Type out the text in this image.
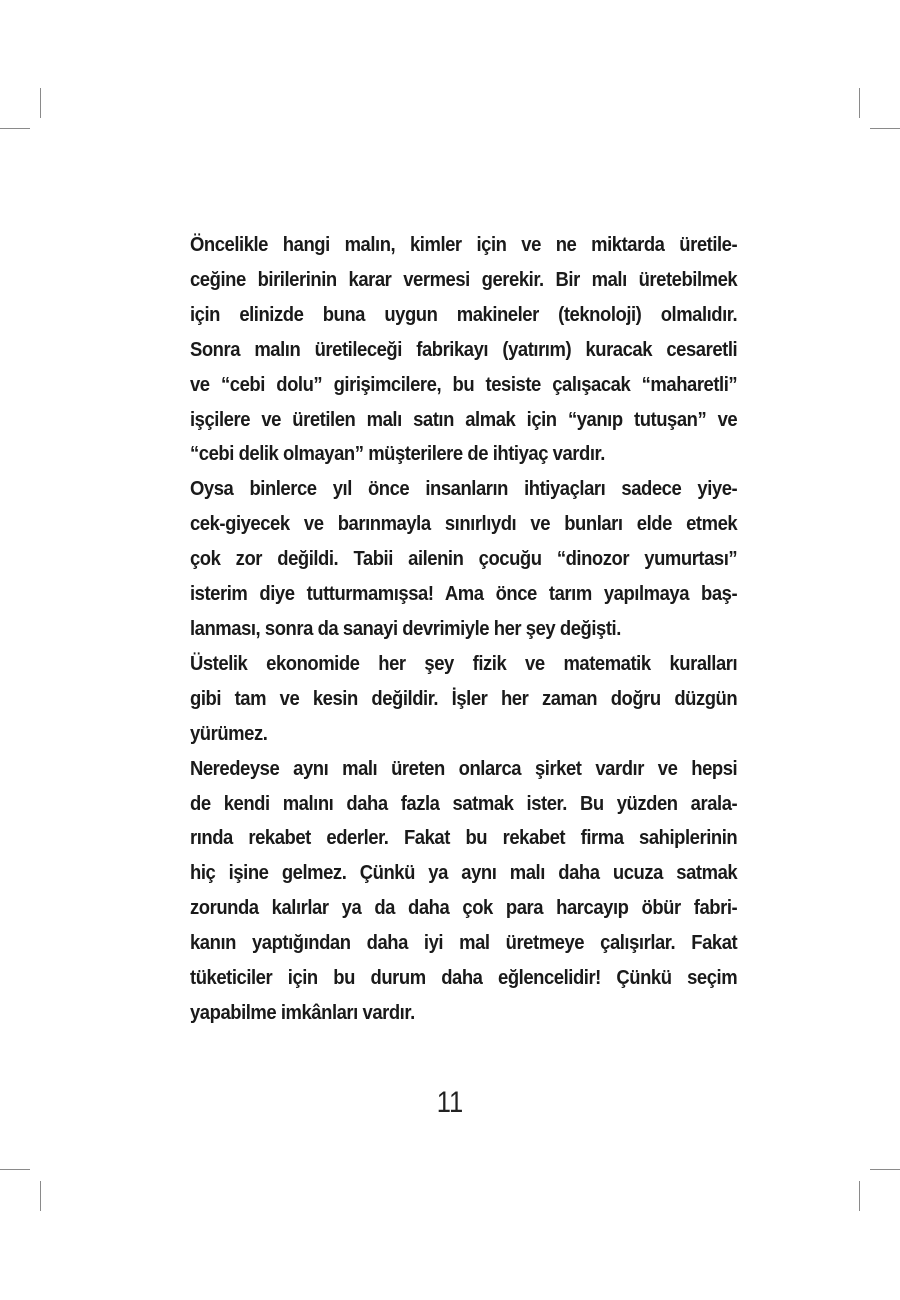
Öncelikle hangi malın, kimler için ve ne miktarda üretile-
ceğine birilerinin karar vermesi gerekir. Bir malı üretebilmek
için elinizde buna uygun makineler (teknoloji) olmalıdır.
Sonra malın üretileceği fabrikayı (yatırım) kuracak cesaretli
ve “cebi dolu” girişimcilere, bu tesiste çalışacak “maharetli”
işçilere ve üretilen malı satın almak için “yanıp tutuşan” ve
“cebi delik olmayan” müşterilere de ihtiyaç vardır.
Oysa binlerce yıl önce insanların ihtiyaçları sadece yiye-
cek-giyecek ve barınmayla sınırlıydı ve bunları elde etmek
çok zor değildi. Tabii ailenin çocuğu “dinozor yumurtası”
isterim diye tutturmamışsa! Ama önce tarım yapılmaya baş-
lanması, sonra da sanayi devrimiyle her şey değişti.
Üstelik ekonomide her şey fizik ve matematik kuralları
gibi tam ve kesin değildir. İşler her zaman doğru düzgün
yürümez.
Neredeyse aynı malı üreten onlarca şirket vardır ve hepsi
de kendi malını daha fazla satmak ister. Bu yüzden arala-
rında rekabet ederler. Fakat bu rekabet firma sahiplerinin
hiç işine gelmez. Çünkü ya aynı malı daha ucuza satmak
zorunda kalırlar ya da daha çok para harcayıp öbür fabri-
kanın yaptığından daha iyi mal üretmeye çalışırlar. Fakat
tüketiciler için bu durum daha eğlencelidir! Çünkü seçim
yapabilme imkânları vardır.
11
